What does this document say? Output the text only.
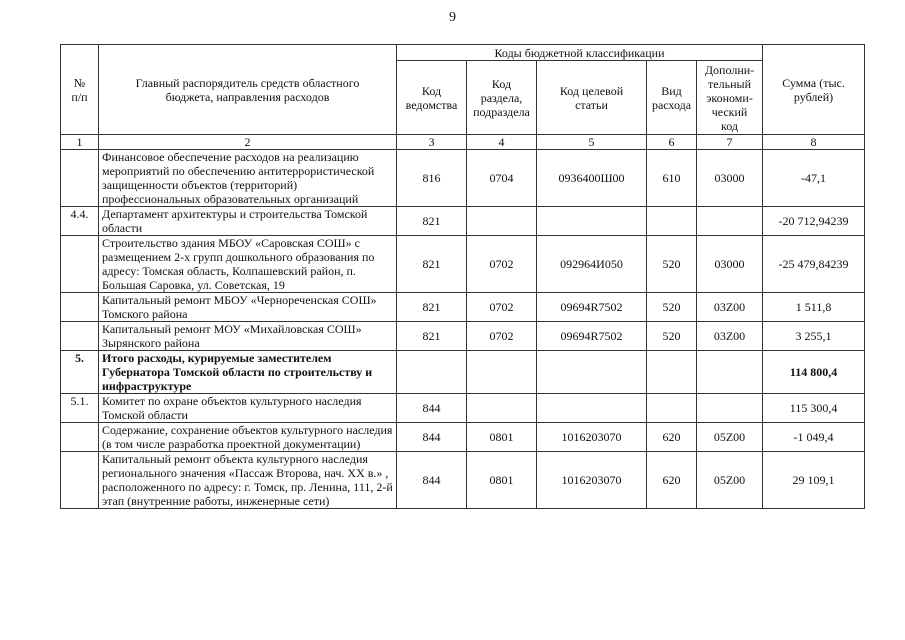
9
№
п/п	Главный распорядитель средств областного бюджета, направления расходов	Коды бюджетной классификации					Сумма (тыс. рублей)
		Код ведомства	Код раздела, подраздела	Код целевой статьи	Вид расхода	Дополни-тельный экономи-ческий код	
1	2	3	4	5	6	7	8
	Финансовое обеспечение расходов на реализацию мероприятий по обеспечению антитеррористической защищенности объектов (территорий) профессиональных образовательных организаций	816	0704	0936400Ш00	610	03000	-47,1
4.4.	Департамент архитектуры и строительства Томской области	821					-20 712,94239
	Строительство здания МБОУ «Саровская СОШ» с размещением 2-х групп дошкольного образования по адресу: Томская область, Колпашевский район, п. Большая Саровка, ул. Советская, 19	821	0702	092964И050	520	03000	-25 479,84239
	Капитальный ремонт МБОУ «Чернореченская СОШ» Томского района	821	0702	09694R7502	520	03Z00	1 511,8
	Капитальный ремонт МОУ «Михайловская СОШ» Зырянского района	821	0702	09694R7502	520	03Z00	3 255,1
5.	Итого расходы, курируемые заместителем Губернатора Томской области по строительству и инфраструктуре						114 800,4
5.1.	Комитет по охране объектов культурного наследия Томской области	844					115 300,4
	Содержание, сохранение объектов культурного наследия (в том числе разработка проектной документации)	844	0801	1016203070	620	05Z00	-1 049,4
	Капитальный ремонт объекта культурного наследия регионального значения «Пассаж Второва, нач. XX в.» , расположенного по адресу: г. Томск, пр. Ленина, 111, 2-й этап (внутренние работы, инженерные сети)	844	0801	1016203070	620	05Z00	29 109,1
